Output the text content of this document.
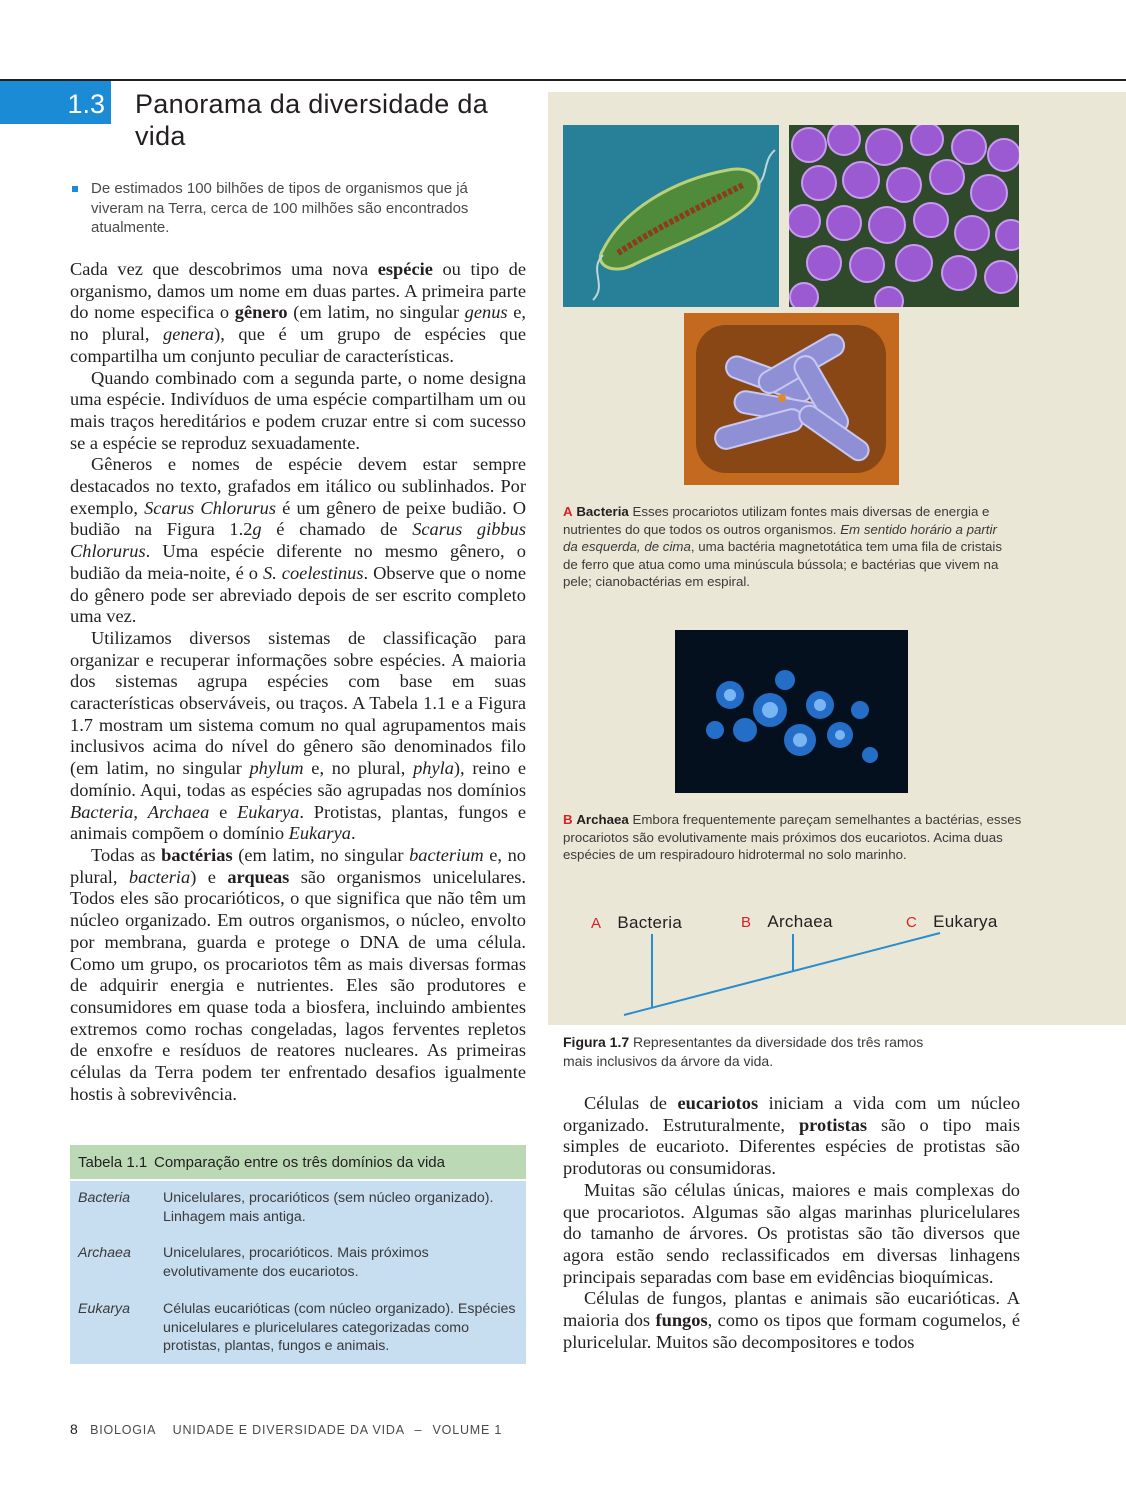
1.3 Panorama da diversidade da vida
De estimados 100 bilhões de tipos de organismos que já viveram na Terra, cerca de 100 milhões são encontrados atualmente.

Cada vez que descobrimos uma nova espécie ou tipo de organismo, damos um nome em duas partes. A primeira parte do nome especifica o gênero (em latim, no singular genus e, no plural, genera), que é um grupo de espécies que compartilha um conjunto peculiar de características.

Quando combinado com a segunda parte, o nome designa uma espécie. Indivíduos de uma espécie compartilham um ou mais traços hereditários e podem cruzar entre si com sucesso se a espécie se reproduz sexuadamente.

Gêneros e nomes de espécie devem estar sempre destacados no texto, grafados em itálico ou sublinhados. Por exemplo, Scarus Chlorurus é um gênero de peixe budião. O budião na Figura 1.2g é chamado de Scarus gibbus Chlorurus. Uma espécie diferente no mesmo gênero, o budião da meia-noite, é o S. coelestinus. Observe que o nome do gênero pode ser abreviado depois de ser escrito completo uma vez.

Utilizamos diversos sistemas de classificação para organizar e recuperar informações sobre espécies. A maioria dos sistemas agrupa espécies com base em suas características observáveis, ou traços. A Tabela 1.1 e a Figura 1.7 mostram um sistema comum no qual agrupamentos mais inclusivos acima do nível do gênero são denominados filo (em latim, no singular phylum e, no plural, phyla), reino e domínio. Aqui, todas as espécies são agrupadas nos domínios Bacteria, Archaea e Eukarya. Protistas, plantas, fungos e animais compõem o domínio Eukarya.

Todas as bactérias (em latim, no singular bacterium e, no plural, bacteria) e arqueas são organismos unicelulares. Todos eles são procarióticos, o que significa que não têm um núcleo organizado. Em outros organismos, o núcleo, envolto por membrana, guarda e protege o DNA de uma célula. Como um grupo, os procariotos têm as mais diversas formas de adquirir energia e nutrientes. Eles são produtores e consumidores em quase toda a biosfera, incluindo ambientes extremos como rochas congeladas, lagos ferventes repletos de enxofre e resíduos de reatores nucleares. As primeiras células da Terra podem ter enfrentado desafios igualmente hostis à sobrevivência.

Tabela 1.1 Comparação entre os três domínios da vida
Bacteria	Unicelulares, procarióticos (sem núcleo organizado). Linhagem mais antiga.
Archaea	Unicelulares, procarióticos. Mais próximos evolutivamente dos eucariotos.
Eukarya	Células eucarióticas (com núcleo organizado). Espécies unicelulares e pluricelulares categorizadas como protistas, plantas, fungos e animais.
A Bacteria Esses procariotos utilizam fontes mais diversas de energia e nutrientes do que todos os outros organismos. Em sentido horário a partir da esquerda, de cima, uma bactéria magnetotática tem uma fila de cristais de ferro que atua como uma minúscula bússola; e bactérias que vivem na pele; cianobactérias em espiral.
B Archaea Embora frequentemente pareçam semelhantes a bactérias, esses procariotos são evolutivamente mais próximos dos eucariotos. Acima duas espécies de um respiradouro hidrotermal no solo marinho.
A Bacteria	B Archaea	C Eukarya
Figura 1.7 Representantes da diversidade dos três ramos mais inclusivos da árvore da vida.

Células de eucariotos iniciam a vida com um núcleo organizado. Estruturalmente, protistas são o tipo mais simples de eucarioto. Diferentes espécies de protistas são produtoras ou consumidoras.

Muitas são células únicas, maiores e mais complexas do que procariotos. Algumas são algas marinhas pluricelulares do tamanho de árvores. Os protistas são tão diversos que agora estão sendo reclassificados em diversas linhagens principais separadas com base em evidências bioquímicas.

Células de fungos, plantas e animais são eucarióticas. A maioria dos fungos, como os tipos que formam cogumelos, é pluricelular. Muitos são decompositores e todos

8 BIOLOGIA UNIDADE E DIVERSIDADE DA VIDA – VOLUME 1
